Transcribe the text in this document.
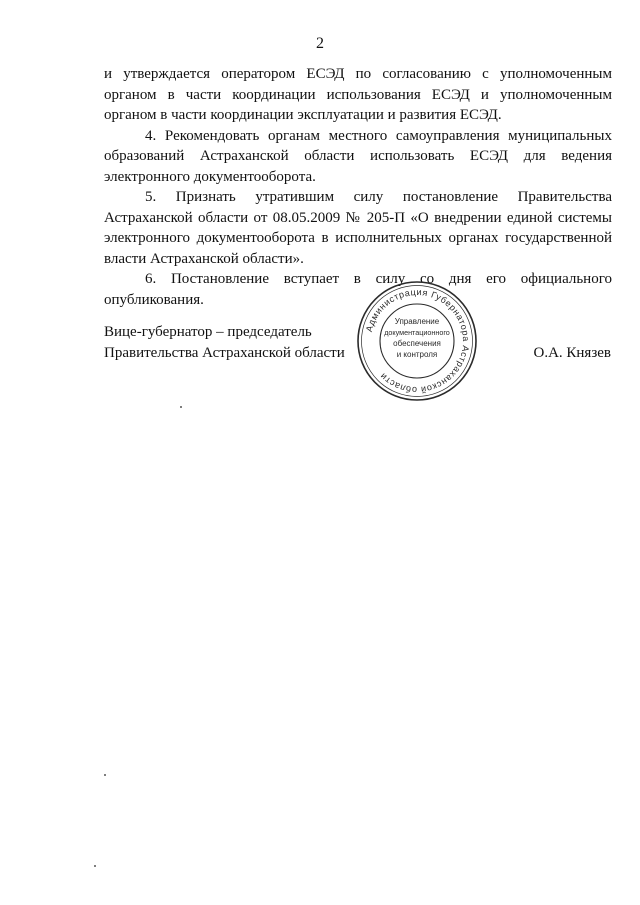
2

и утверждается оператором ЕСЭД по согласованию с уполномоченным органом в части координации использования ЕСЭД и уполномоченным органом в части координации эксплуатации и развития ЕСЭД.

4. Рекомендовать органам местного самоуправления муниципальных образований Астраханской области использовать ЕСЭД для ведения электронного документооборота.

5. Признать утратившим силу постановление Правительства Астраханской области от 08.05.2009 № 205-П «О внедрении единой системы электронного документооборота в исполнительных органах государственной власти Астраханской области».

6. Постановление вступает в силу со дня его официального опубликования.

Вице-губернатор – председатель
Правительства Астраханской области	О.А. Князев
Администрация Губернатора Астраханской области
Управление
документационного
обеспечения
и контроля
